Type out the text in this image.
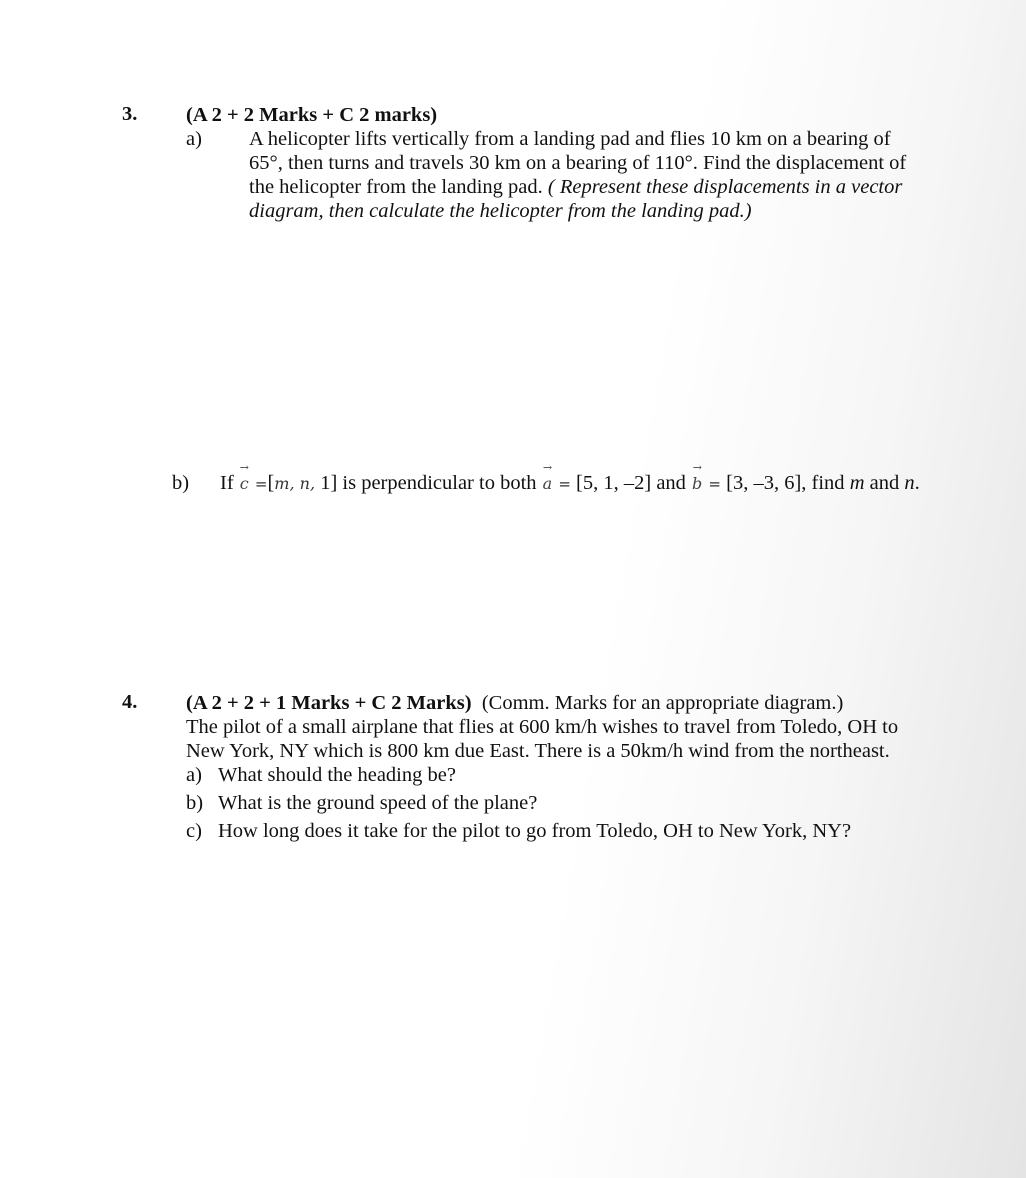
3. (A 2 + 2 Marks + C 2 marks)
a) A helicopter lifts vertically from a landing pad and flies 10 km on a bearing of
65°, then turns and travels 30 km on a bearing of 110°. Find the displacement of
the helicopter from the landing pad. ( Represent these displacements in a vector
diagram, then calculate the helicopter from the landing pad.)
b) If
→
c =[m, n, 1] is perpendicular to both
→
a = [5, 1, –2] and
→
b = [3, –3, 6], find m and n.
4. (A 2 + 2 + 1 Marks + C 2 Marks) (Comm. Marks for an appropriate diagram.)
The pilot of a small airplane that flies at 600 km/h wishes to travel from Toledo, OH to
New York, NY which is 800 km due East. There is a 50km/h wind from the northeast.
a) What should the heading be?
b) What is the ground speed of the plane?
c) How long does it take for the pilot to go from Toledo, OH to New York, NY?
